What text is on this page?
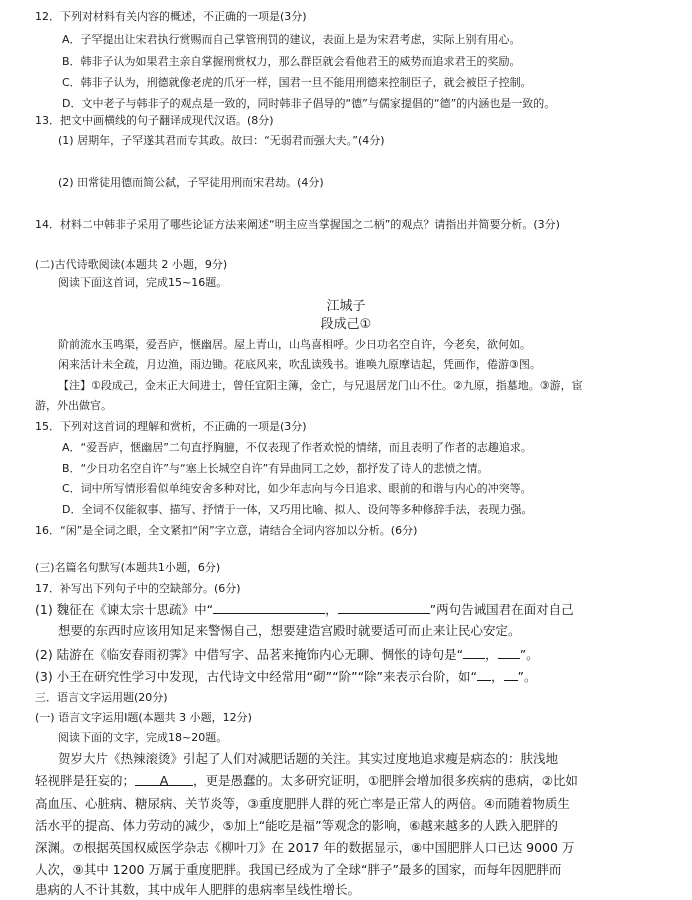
12．下列对材料有关内容的概述，不正确的一项是(3分)
A．子罕提出让宋君执行赏赐而自己掌管刑罚的建议，表面上是为宋君考虑，实际上别有用心。
B．韩非子认为如果君主亲自掌握刑赏权力，那么群臣就会看他君王的威势而追求君王的奖励。
C．韩非子认为，刑德就像老虎的爪牙一样，国君一旦不能用刑德来控制臣子，就会被臣子控制。
D．文中老子与韩非子的观点是一致的，同时韩非子倡导的“德”与儒家提倡的“德”的内涵也是一致的。
13．把文中画横线的句子翻译成现代汉语。(8分)
(1) 居期年，子罕遂其君而专其政。故曰：“无弱君而强大夫。”(4分)
(2) 田常徒用德而简公弑，子罕徒用刑而宋君劫。(4分)
14．材料二中韩非子采用了哪些论证方法来阐述“明主应当掌握国之二柄”的观点？请指出并简要分析。(3分)
(二)古代诗歌阅读(本题共 2 小题，9分)
阅读下面这首词，完成15~16题。
江城子
段成己①
阶前流水玉鸣渠，爱吾庐，惬幽居。屋上青山，山鸟喜相呼。少日功名空自许，今老矣，欲何如。
闲来活计未全疏，月边渔，雨边锄。花底风来，吹乱读残书。谁唤九原摩诘起，凭画作，倦游③图。
【注】①段成己，金末正大间进士，曾任宜阳主簿，金亡，与兄退居龙门山不仕。②九原，指墓地。③游，宦
游，外出做官。
15．下列对这首词的理解和赏析，不正确的一项是(3分)
A．“爱吾庐，惬幽居”二句直抒胸臆，不仅表现了作者欢悦的情绪，而且表明了作者的志趣追求。
B．“少日功名空自许”与“塞上长城空自许”有异曲同工之妙，都抒发了诗人的悲愤之情。
C．词中所写情形看似单纯安舍多种对比，如少年志向与今日追求、眼前的和谐与内心的冲突等。
D．全词不仅能叙事、描写、抒情于一体，又巧用比喻、拟人、设问等多种修辞手法，表现力强。
16．“闲”是全词之眼，全文紧扣“闲”字立意，请结合全词内容加以分析。(6分)
(三)名篇名句默写(本题共1小题，6分)
17．补写出下列句子中的空缺部分。(6分)
(1) 魏征在《谏太宗十思疏》中“	，	”两句告诫国君在面对自己
想要的东西时应该用知足来警惕自己，想要建造宫殿时就要适可而止来让民心安定。
(2) 陆游在《临安春雨初霁》中借写字、品茗来掩饰内心无聊、惆怅的诗句是“ ， ”。
(3) 小王在研究性学习中发现，古代诗文中经常用“砌”“阶”“除”来表示台阶，如“ ， ”。
三．语言文字运用题(20分)
(一) 语言文字运用Ⅰ题(本题共 3 小题，12分)
阅读下面的文字，完成18~20题。
贺岁大片《热辣滚烫》引起了人们对减肥话题的关注。其实过度地追求瘦是病态的：肤浅地
轻视胖是狂妄的； A ，更是愚蠢的。太多研究证明，①肥胖会增加很多疾病的患病，②比如
高血压、心脏病、糖尿病、关节炎等，③重度肥胖人群的死亡率是正常人的两倍。④而随着物质生
活水平的提高、体力劳动的减少，⑤加上“能吃是福”等观念的影响，⑥越来越多的人跌入肥胖的
深渊。⑦根据英国权威医学杂志《柳叶刀》在 2017 年的数据显示，⑧中国肥胖人口已达 9000 万
人次，⑨其中 1200 万属于重度肥胖。我国已经成为了全球“胖子”最多的国家，而每年因肥胖而
患病的人不计其数，其中成年人肥胖的患病率呈线性增长。
